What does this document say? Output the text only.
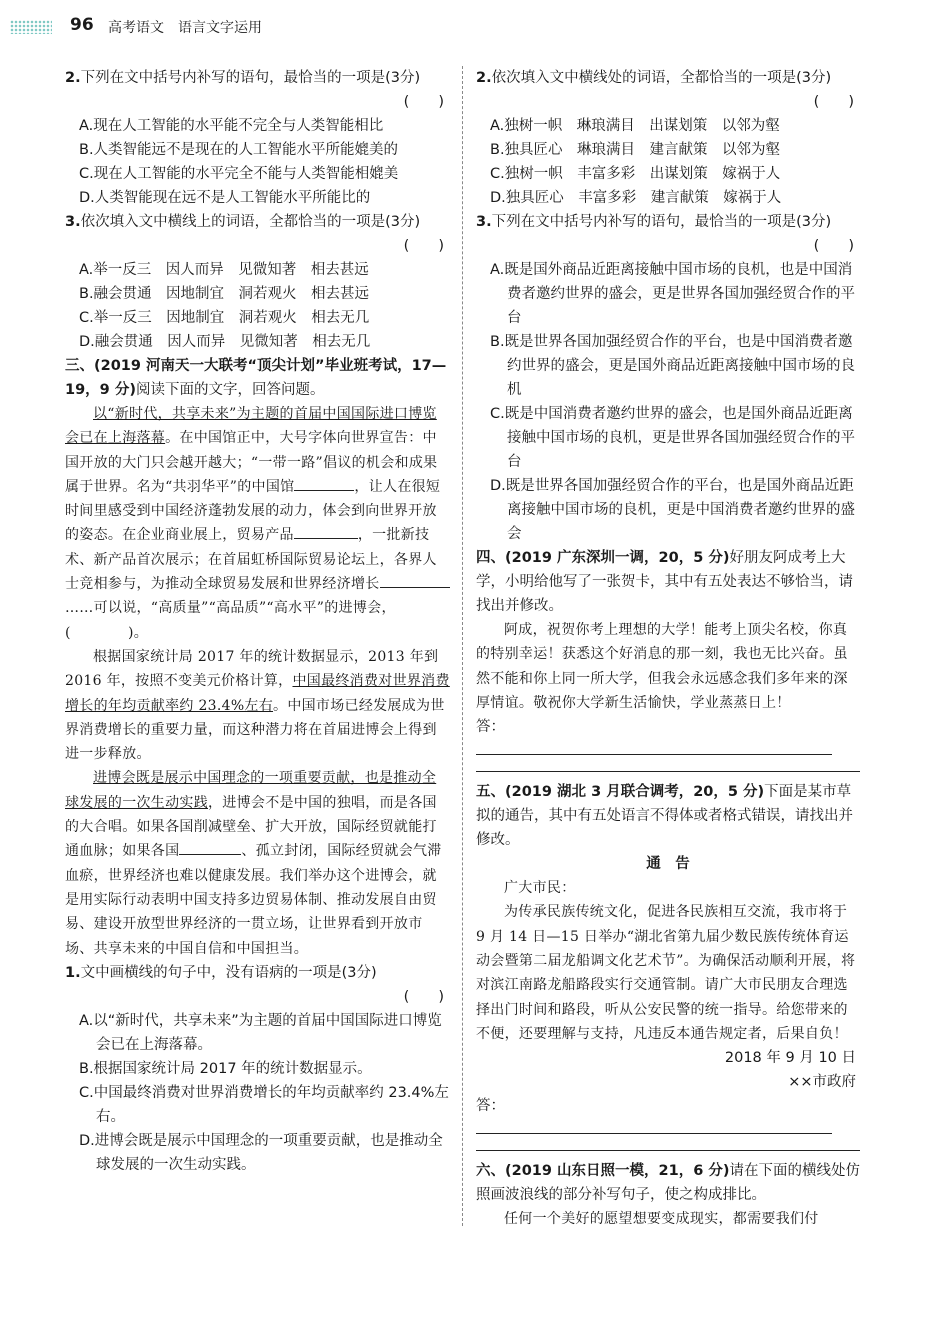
96 高考语文 语言文字运用

2.下列在文中括号内补写的语句，最恰当的一项是(3分)

(　　)

A.现在人工智能的水平能不完全与人类智能相比

B.人类智能远不是现在的人工智能水平所能媲美的

C.现在人工智能的水平完全不能与人类智能相媲美

D.人类智能现在远不是人工智能水平所能比的

3.依次填入文中横线上的词语，全都恰当的一项是(3分)

(　　)

A.举一反三　因人而异　见微知著　相去甚远

B.融会贯通　因地制宜　洞若观火　相去甚远

C.举一反三　因地制宜　洞若观火　相去无几

D.融会贯通　因人而异　见微知著　相去无几

三、(2019 河南天一大联考“顶尖计划”毕业班考试，17—19，9 分)阅读下面的文字，回答问题。

以“新时代，共享未来”为主题的首届中国国际进口博览会已在上海落幕。在中国馆正中，大号字体向世界宣告：中国开放的大门只会越开越大；“一带一路”倡议的机会和成果属于世界。名为“共羽华平”的中国馆	，让人在很短时间里感受到中国经济蓬勃发展的动力，体会到向世界开放的姿态。在企业商业展上，贸易产品	，一批新技术、新产品首次展示；在首届虹桥国际贸易论坛上，各界人士竞相参与，为推动全球贸易发展和世界经济增长……可以说，“高质量”“高品质”“高水平”的进博会，(　　　　)。

根据国家统计局 2017 年的统计数据显示，2013 年到 2016 年，按照不变美元价格计算，中国最终消费对世界消费增长的年均贡献率约 23.4%左右。中国市场已经发展成为世界消费增长的重要力量，而这种潜力将在首届进博会上得到进一步释放。

进博会既是展示中国理念的一项重要贡献，也是推动全球发展的一次生动实践，进博会不是中国的独唱，而是各国的大合唱。如果各国削减壁垒、扩大开放，国际经贸就能打通血脉；如果各国	、孤立封闭，国际经贸就会气滞血瘀，世界经济也难以健康发展。我们举办这个进博会，就是用实际行动表明中国支持多边贸易体制、推动发展自由贸易、建设开放型世界经济的一贯立场，让世界看到开放市场、共享未来的中国自信和中国担当。

1.文中画横线的句子中，没有语病的一项是(3分)

(　　)

A.以“新时代，共享未来”为主题的首届中国国际进口博览会已在上海落幕。

B.根据国家统计局 2017 年的统计数据显示。

C.中国最终消费对世界消费增长的年均贡献率约 23.4%左右。

D.进博会既是展示中国理念的一项重要贡献，也是推动全球发展的一次生动实践。

2.依次填入文中横线处的词语，全都恰当的一项是(3分)

(　　)

A.独树一帜　琳琅满目　出谋划策　以邻为壑

B.独具匠心　琳琅满目　建言献策　以邻为壑

C.独树一帜　丰富多彩　出谋划策　嫁祸于人

D.独具匠心　丰富多彩　建言献策　嫁祸于人

3.下列在文中括号内补写的语句，最恰当的一项是(3分)

(　　)

A.既是国外商品近距离接触中国市场的良机，也是中国消费者邀约世界的盛会，更是世界各国加强经贸合作的平台

B.既是世界各国加强经贸合作的平台，也是中国消费者邀约世界的盛会，更是国外商品近距离接触中国市场的良机

C.既是中国消费者邀约世界的盛会，也是国外商品近距离接触中国市场的良机，更是世界各国加强经贸合作的平台

D.既是世界各国加强经贸合作的平台，也是国外商品近距离接触中国市场的良机，更是中国消费者邀约世界的盛会

四、(2019 广东深圳一调，20，5 分)好朋友阿成考上大学，小明给他写了一张贺卡，其中有五处表达不够恰当，请找出并修改。

阿成，祝贺你考上理想的大学！能考上顶尖名校，你真的特别幸运！获悉这个好消息的那一刻，我也无比兴奋。虽然不能和你上同一所大学，但我会永远感念我们多年来的深厚情谊。敬祝你大学新生活愉快，学业蒸蒸日上！

答：

五、(2019 湖北 3 月联合调考，20，5 分)下面是某市草拟的通告，其中有五处语言不得体或者格式错误，请找出并修改。

通　告

广大市民：

为传承民族传统文化，促进各民族相互交流，我市将于 9 月 14 日—15 日举办“湖北省第九届少数民族传统体育运动会暨第二届龙船调文化艺术节”。为确保活动顺利开展，将对滨江南路龙船路段实行交通管制。请广大市民朋友合理选择出门时间和路段，听从公安民警的统一指导。给您带来的不便，还要理解与支持，凡违反本通告规定者，后果自负！

2018 年 9 月 10 日

××市政府

答：

六、(2019 山东日照一模，21，6 分)请在下面的横线处仿照画波浪线的部分补写句子，使之构成排比。

任何一个美好的愿望想要变成现实，都需要我们付
